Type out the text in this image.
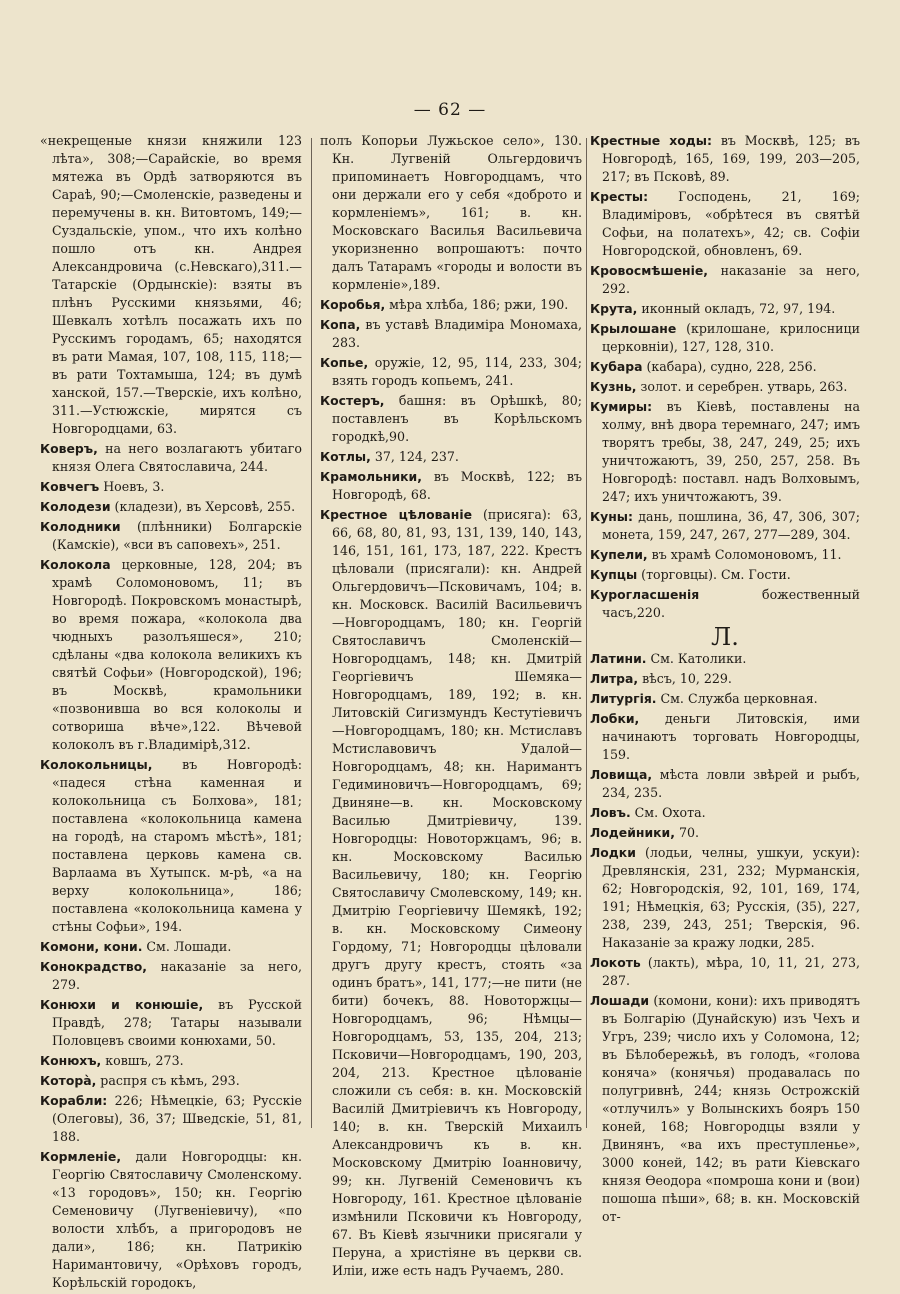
— 62 —

«некрещеные князи княжили 123 лѣта», 308;—Сарайскіе, во время мятежа въ Ордѣ затворяются въ Сараѣ, 90;—Смоленскіе, разведены и перемучены в. кн. Витовтомъ, 149;—Суздальскіе, упом., что ихъ колѣно пошло отъ кн. Андрея Александровича (с.Невскаго),311.—Татарскіе (Ордынскіе): взяты въ плѣнъ Русскими князьями, 46; Шевкалъ хотѣлъ посажать ихъ по Русскимъ городамъ, 65; находятся въ рати Мамая, 107, 108, 115, 118;—въ рати Тохтамыша, 124; въ думѣ ханской, 157.—Тверскіе, ихъ колѣно, 311.—Устюжскіе, мирятся съ Новгородцами, 63.

Коверъ, на него возлагаютъ убитаго князя Олега Святославича, 244.

Ковчегъ Ноевъ, 3.

Колодези (кладези), въ Херсовѣ, 255.

Колодники (плѣнники) Болгарскіе (Камскіе), «вси въ саповехъ», 251.

Колокола церковные, 128, 204; въ храмѣ Соломоновомъ, 11; въ Новгородѣ. Покровскомъ монастырѣ, во время пожара, «колокола два чюдныхъ разолъяшеся», 210; сдѣланы «два колокола великихъ къ святѣй Софьи» (Новгородской), 196; въ Москвѣ, крамольники «позвонивша во вся колоколы и сотвориша вѣче»,122. Вѣчевой колоколъ въ г.Владимірѣ,312.

Колокольницы, въ Новгородѣ: «падеся стѣна каменная и колокольница съ Болхова», 181; поставлена «колокольница камена на городѣ, на старомъ мѣстѣ», 181; поставлена церковь камена св. Варлаама въ Хутыпск. м-рѣ, «а на верху колокольница», 186; поставлена «колокольница камена у стѣны Софьи», 194.

Комони, кони. См. Лошади.

Конокрадство, наказаніе за него, 279.

Конюхи и конюшіе, въ Русской Правдѣ, 278; Татары называли Половцевъ своими конюхами, 50.

Конюхъ, ковшъ, 273.

Которà, распря съ кѣмъ, 293.

Корабли: 226; Нѣмецкіе, 63; Русскіе (Олеговы), 36, 37; Шведскіе, 51, 81, 188.

Кормленіе, дали Новгородцы: кн. Георгію Святославичу Смоленскому. «13 городовъ», 150; кн. Георгію Семеновичу (Лугвеніевичу), «по волости хлѣбъ, а пригородовъ не дали», 186; кн. Патрикію Наримантовичу, «Орѣховъ городъ, Корѣльскій городокъ,

полъ Копорьи Лужьское село», 130. Кн. Лугвеній Ольгердовичъ припоминаетъ Новгородцамъ, что они держали его у себя «доброто и кормленіемъ», 161; в. кн. Московскаго Василья Васильевича укоризненно вопрошаютъ: почто далъ Татарамъ «городы и волости въ кормленіе»,189.

Коробья, мѣра хлѣба, 186; ржи, 190.

Копа, въ уставѣ Владиміра Мономаха, 283.

Копье, оружіе, 12, 95, 114, 233, 304; взять городъ копьемъ, 241.

Костеръ, башня: въ Орѣшкѣ, 80; поставленъ въ Корѣльскомъ городкѣ,90.

Котлы, 37, 124, 237.

Крамольники, въ Москвѣ, 122; въ Новгородѣ, 68.

Крестное цѣлованіе (присяга): 63, 66, 68, 80, 81, 93, 131, 139, 140, 143, 146, 151, 161, 173, 187, 222. Крестъ цѣловали (присягали): кн. Андрей Ольгердовичъ—Псковичамъ, 104; в. кн. Московск. Василій Васильевичъ—Новгородцамъ, 180; кн. Георгій Святославичъ Смоленскій—Новгородцамъ, 148; кн. Дмитрій Георгіевичъ Шемяка—Новгородцамъ, 189, 192; в. кн. Литовскій Сигизмундъ Кестутіевичъ—Новгородцамъ, 180; кн. Мстиславъ Мстиславовичъ Удалой—Новгородцамъ, 48; кн. Наримантъ Гедиминовичъ—Новгородцамъ, 69; Двиняне—в. кн. Московскому Василью Дмитріевичу, 139. Новгородцы: Новоторжцамъ, 96; в. кн. Московскому Василью Васильевичу, 180; кн. Георгію Святославичу Смолевскому, 149; кн. Дмитрію Георгіевичу Шемякѣ, 192; в. кн. Московскому Симеону Гордому, 71; Новгородцы цѣловали другъ другу крестъ, стоять «за одинъ братъ», 141, 177;—не пити (не бити) бочекъ, 88. Новоторжцы—Новгородцамъ, 96; Нѣмцы—Новгородцамъ, 53, 135, 204, 213; Псковичи—Новгородцамъ, 190, 203, 204, 213. Крестное цѣлованіе сложили съ себя: в. кн. Московскій Василій Дмитріевичъ къ Новгороду, 140; в. кн. Тверскій Михаилъ Александровичъ къ в. кн. Московскому Дмитрію Іоанновичу, 99; кн. Лугвеній Семеновичъ къ Новгороду, 161. Крестное цѣлованіе измѣнили Псковичи къ Новгороду, 67. Въ Кіевѣ язычники присягали у Перуна, а христіяне въ церкви св. Иліи, иже есть надъ Ручаемъ, 280.

Крестные ходы: въ Москвѣ, 125; въ Новгородѣ, 165, 169, 199, 203—205, 217; въ Псковѣ, 89.

Кресты: Господень, 21, 169; Владиміровъ, «обрѣтеся въ святѣй Софьи, на полатехъ», 42; св. Софіи Новгородской, обновленъ, 69.

Кровосмѣшеніе, наказаніе за него, 292.

Крута, иконный окладъ, 72, 97, 194.

Крылошане (крилошане, крилосници церковніи), 127, 128, 310.

Кубара (кабара), судно, 228, 256.

Кузнь, золот. и серебрен. утварь, 263.

Кумиры: въ Кіевѣ, поставлены на холму, внѣ двора теремнаго, 247; имъ творятъ требы, 38, 247, 249, 25; ихъ уничтожаютъ, 39, 250, 257, 258. Въ Новгородѣ: поставл. надъ Волховымъ, 247; ихъ уничтожаютъ, 39.

Куны: дань, пошлина, 36, 47, 306, 307; монета, 159, 247, 267, 277—289, 304.

Купели, въ храмѣ Соломоновомъ, 11.

Купцы (торговцы). См. Гости.

Курогласшенія божественный часъ,220.

Л.

Латини. См. Католики.

Литра, вѣсъ, 10, 229.

Литургія. См. Служба церковная.

Лобки, деньги Литовскія, ими начинаютъ торговать Новгородцы, 159.

Ловища, мѣста ловли звѣрей и рыбъ, 234, 235.

Ловъ. См. Охота.

Лодейники, 70.

Лодки (лодьи, челны, ушкуи, ускуи): Древлянскія, 231, 232; Мурманскія, 62; Новгородскія, 92, 101, 169, 174, 191; Нѣмецкія, 63; Русскія, (35), 227, 238, 239, 243, 251; Тверскія, 96. Наказаніе за кражу лодки, 285.

Локоть (лакть), мѣра, 10, 11, 21, 273, 287.

Лошади (комони, кони): ихъ приводятъ въ Болгарію (Дунайскую) изъ Чехъ и Угръ, 239; число ихъ у Соломона, 12; въ Бѣлобережьѣ, въ голодъ, «голова коняча» (конячья) продавалась по полугривнѣ, 244; князь Острожскій «отлучилъ» у Волынскихъ бояръ 150 коней, 168; Новгородцы взяли у Двинянъ, «ва ихъ преступленье», 3000 коней, 142; въ рати Кіевскаго князя Ѳеодора «помроша кони и (вои) пошоша пѣши», 68; в. кн. Московскій от-
